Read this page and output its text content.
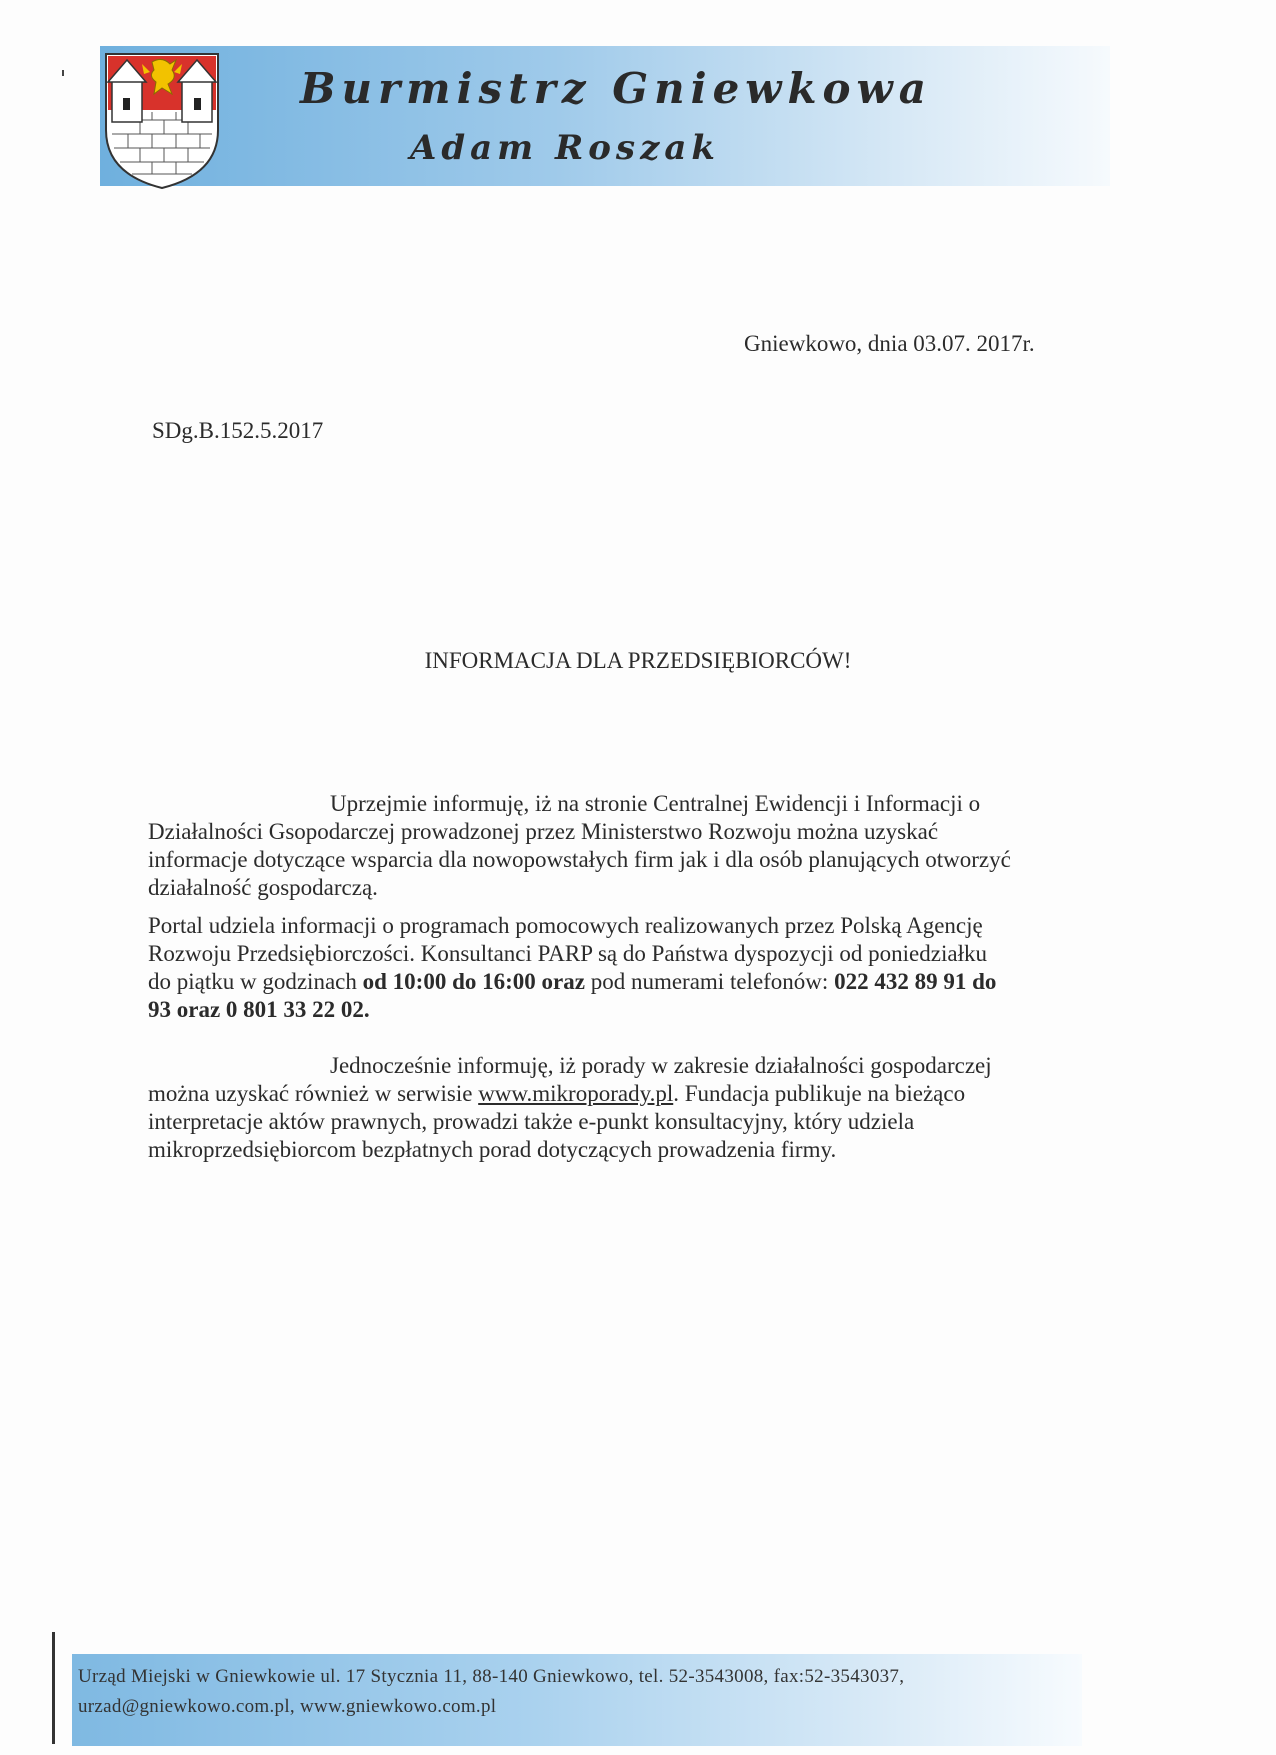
Burmistrz Gniewkowa
Adam Roszak
Gniewkowo, dnia 03.07. 2017r.
SDg.B.152.5.2017
INFORMACJA DLA PRZEDSIĘBIORCÓW!
Uprzejmie informuję, iż na stronie Centralnej Ewidencji i Informacji o
Działalności Gsopodarczej prowadzonej przez Ministerstwo Rozwoju można uzyskać
informacje dotyczące wsparcia dla nowopowstałych firm jak i dla osób planujących otworzyć
działalność gospodarczą.
Portal udziela informacji o programach pomocowych realizowanych przez Polską Agencję
Rozwoju Przedsiębiorczości. Konsultanci PARP są do Państwa dyspozycji od poniedziałku
do piątku w godzinach od 10:00 do 16:00 oraz pod numerami telefonów: 022 432 89 91 do
93 oraz 0 801 33 22 02.
Jednocześnie informuję, iż porady w zakresie działalności gospodarczej
można uzyskać również w serwisie www.mikroporady.pl. Fundacja publikuje na bieżąco
interpretacje aktów prawnych, prowadzi także e-punkt konsultacyjny, który udziela
mikroprzedsiębiorcom bezpłatnych porad dotyczących prowadzenia firmy.
Urząd Miejski w Gniewkowie ul. 17 Stycznia 11, 88-140 Gniewkowo, tel. 52-3543008, fax:52-3543037,
urzad@gniewkowo.com.pl, www.gniewkowo.com.pl
